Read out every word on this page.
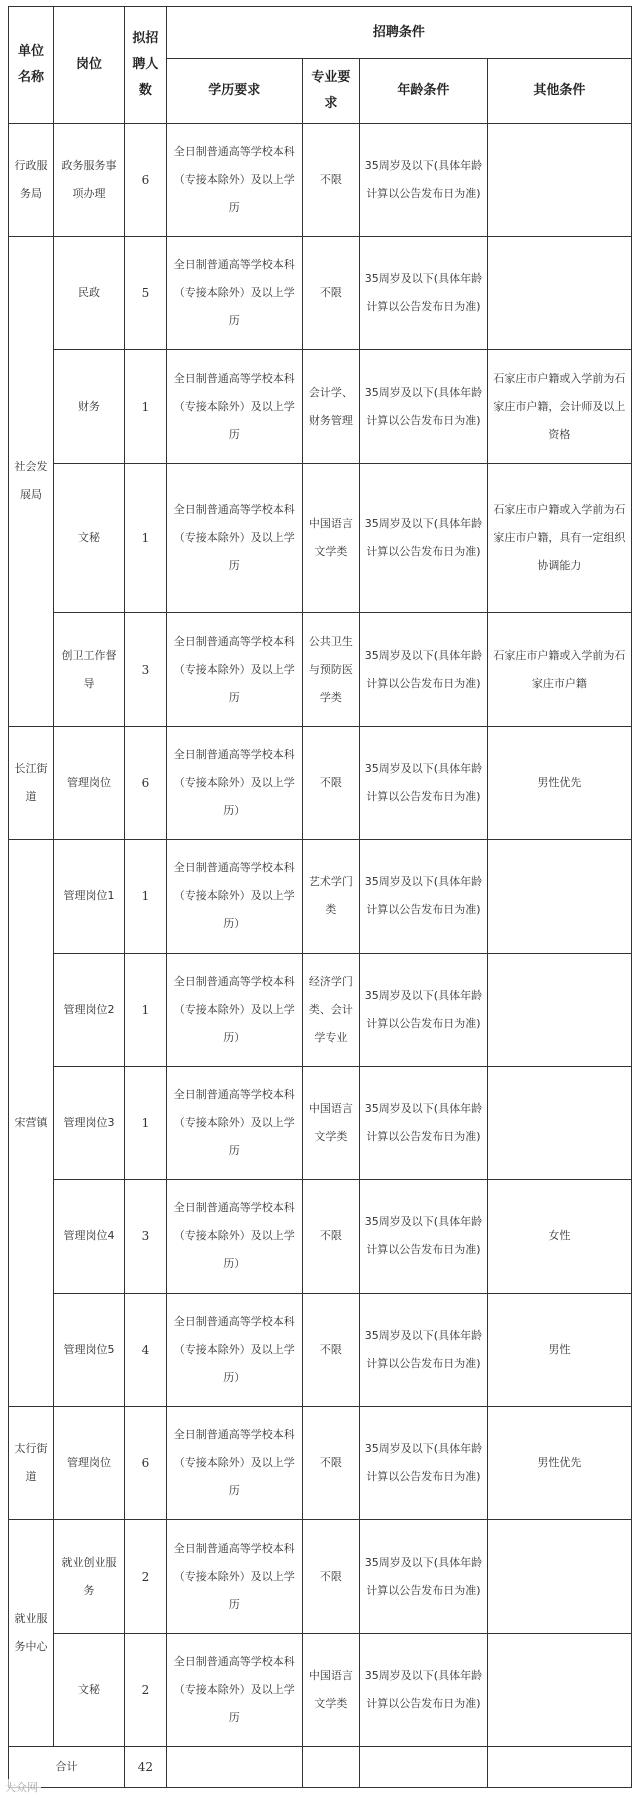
单位名称	岗位	拟招聘人数	招聘条件			
			学历要求	专业要求	年龄条件	其他条件
行政服务局	政务服务事项办理	6	全日制普通高等学校本科（专接本除外）及以上学历	不限	35周岁及以下(具体年龄计算以公告发布日为准)	
社会发展局	民政	5	全日制普通高等学校本科（专接本除外）及以上学历	不限	35周岁及以下(具体年龄计算以公告发布日为准)	
	财务	1	全日制普通高等学校本科（专接本除外）及以上学历	会计学、财务管理	35周岁及以下(具体年龄计算以公告发布日为准)	石家庄市户籍或入学前为石家庄市户籍，会计师及以上资格
	文秘	1	全日制普通高等学校本科（专接本除外）及以上学历	中国语言文学类	35周岁及以下(具体年龄计算以公告发布日为准)	石家庄市户籍或入学前为石家庄市户籍，具有一定组织协调能力
	创卫工作督导	3	全日制普通高等学校本科（专接本除外）及以上学历	公共卫生与预防医学类	35周岁及以下(具体年龄计算以公告发布日为准)	石家庄市户籍或入学前为石家庄市户籍
长江街道	管理岗位	6	全日制普通高等学校本科（专接本除外）及以上学历）	不限	35周岁及以下(具体年龄计算以公告发布日为准)	男性优先
宋营镇	管理岗位1	1	全日制普通高等学校本科（专接本除外）及以上学历）	艺术学门类	35周岁及以下(具体年龄计算以公告发布日为准)	
	管理岗位2	1	全日制普通高等学校本科（专接本除外）及以上学历）	经济学门类、会计学专业	35周岁及以下(具体年龄计算以公告发布日为准)	
	管理岗位3	1	全日制普通高等学校本科（专接本除外）及以上学历	中国语言文学类	35周岁及以下(具体年龄计算以公告发布日为准)	
	管理岗位4	3	全日制普通高等学校本科（专接本除外）及以上学历）	不限	35周岁及以下(具体年龄计算以公告发布日为准)	女性
	管理岗位5	4	全日制普通高等学校本科（专接本除外）及以上学历）	不限	35周岁及以下(具体年龄计算以公告发布日为准)	男性
太行街道	管理岗位	6	全日制普通高等学校本科（专接本除外）及以上学历	不限	35周岁及以下(具体年龄计算以公告发布日为准)	男性优先
就业服务中心	就业创业服务	2	全日制普通高等学校本科（专接本除外）及以上学历	不限	35周岁及以下(具体年龄计算以公告发布日为准)	
	文秘	2	全日制普通高等学校本科（专接本除外）及以上学历	中国语言文学类	35周岁及以下(具体年龄计算以公告发布日为准)	
合计		42				
大众网
